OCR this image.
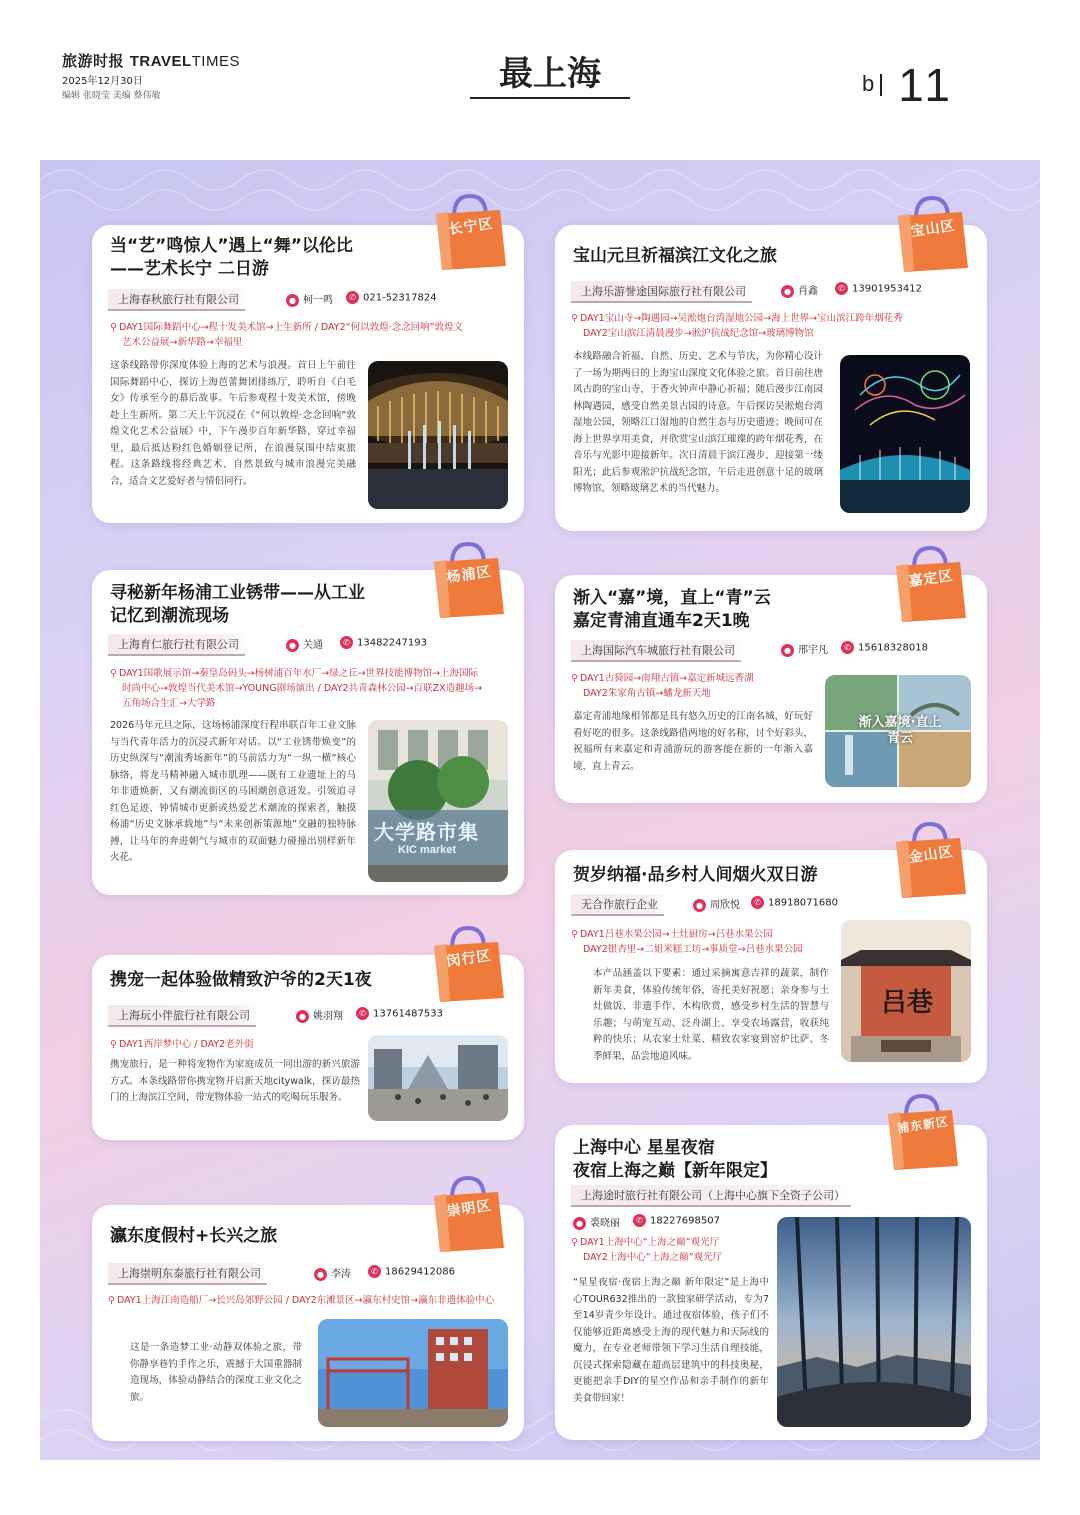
旅游时报 TRAVELTIMES
2025年12月30日
编辑 张晓莹 美编 蔡伟敏
最上海	b 11
当“艺”鸣惊人”遇上“舞”以伦比
——艺术长宁 二日游
上海春秋旅行社有限公司	● 柯一鸣	✆ 021-52317824
⚲ DAY1国际舞蹈中心→程十发美术馆→上生新所 / DAY2“何以敦煌·念念回响”敦煌文
艺术公益展→新华路→幸福里
这条线路带你深度体验上海的艺术与浪漫。首日上午前往国际舞蹈中心，探访上海芭蕾舞团排练厅，聆听自《白毛女》传承至今的幕后故事。午后参观程十发美术馆，傍晚赴上生新所。第二天上午沉浸在《“何以敦煌·念念回响”敦煌文化艺术公益展》中，下午漫步百年新华路，穿过幸福里，最后抵达粉红色婚姻登记所，在浪漫氛围中结束旅程。这条路线将经典艺术、自然景致与城市浪漫完美融合，适合文艺爱好者与情侣同行。
长宁区
宝山元旦祈福滨江文化之旅
上海乐游誉途国际旅行社有限公司	● 肖鑫	✆ 13901953412
⚲ DAY1宝山寺→陶遇园→吴淞炮台湾湿地公园→海上世界→宝山滨江跨年烟花秀
DAY2宝山滨江清晨漫步→淞沪抗战纪念馆→玻璃博物馆
本线路融合祈福、自然、历史、艺术与节庆，为你精心设计了一场为期两日的上海宝山深度文化体验之旅。首日前往唐风古韵的宝山寺，于香火钟声中静心祈福；随后漫步江南园林陶遇园，感受自然美景古园的诗意。午后探访吴淞炮台湾湿地公园，领略江口湿地的自然生态与历史遗迹；晚间可在海上世界享用美食，并欣赏宝山滨江璀璨的跨年烟花秀，在音乐与光影中迎接新年。次日清晨于滨江漫步，迎接第一缕阳光；此后参观淞沪抗战纪念馆，午后走进创意十足的玻璃博物馆，领略玻璃艺术的当代魅力。
宝山区
寻秘新年杨浦工业锈带——从工业
记忆到潮流现场
上海育仁旅行社有限公司	● 关通	✆ 13482247193
⚲ DAY1国歌展示馆→秦皇岛码头→杨树浦百年水厂→绿之丘→世界技能博物馆→上海国际
时尚中心→敦煌当代美术馆→YOUNG剧场演出 / DAY2共青森林公园→百联ZX造趣场→
五角场合生汇→大学路
2026马年元旦之际，这场杨浦深度行程串联百年工业文脉与当代青年活力的沉浸式新年对话。以“工业锈带焕变”的历史纵深与“潮流秀场新年”的马前活力为“一纵一横”核心脉络，将龙马精神融入城市肌理——既有工业遗址上的马年非遗焕新，又有潮流街区的马困潮创意迸发。引领追寻红色足迹、钟情城市更新或热爱艺术潮流的探索者，触摸杨浦“历史文脉承载地”与“未来创新策源地”交融的独特脉搏，让马年的奔进朝气与城市的双面魅力碰撞出别样新年火花。
大学路市集
KIC market
杨浦区
渐入“嘉”境，直上“青”云
嘉定青浦直通车2天1晚
上海国际汽车城旅行社有限公司	● 邢宇凡	✆ 15618328018
⚲ DAY1古猗园→南翔古镇→嘉定新城远香湖
DAY2朱家角古镇→蟠龙新天地
嘉定青浦地缘相邻都是具有悠久历史的江南名城，好玩好看好吃的很多。这条线路借两地的好名称，讨个好彩头，祝福所有来嘉定和青浦游玩的游客能在新的一年渐入嘉境，直上青云。
渐入嘉境·直上青云
嘉定区
贺岁纳福·品乡村人间烟火双日游
无合作旅行企业	● 周欣悦	✆ 18918071680
⚲ DAY1吕巷水果公园→土灶厨房→吕巷水果公园
DAY2银杏里→二姐米糕工坊→事质堂→吕巷水果公园
本产品涵盖以下要素：通过采摘寓意吉祥的蔬菜，制作新年美食，体验传统年俗，寄托美好祝愿；亲身参与土灶做饭、非遗手作、木构欣赏，感受乡村生活的智慧与乐趣；与萌宠互动、泛舟湖上、享受农场露营，收获纯粹的快乐；从农家土灶菜、精致农家宴到窑炉比萨、冬季鲜果，品尝地道风味。
吕巷
金山区
携宠一起体验做精致沪爷的2天1夜
上海玩小伴旅行社有限公司	● 姚羽翔	✆ 13761487533
⚲ DAY1西岸梦中心 / DAY2老外街
携宠旅行，是一种将宠物作为家庭成员一同出游的新兴旅游方式。本条线路带你携宠物开启新天地citywalk，探访最热门的上海滨江空间，带宠物体验一站式的吃喝玩乐服务。
闵行区
上海中心 星星夜宿
夜宿上海之巅【新年限定】
上海途时旅行社有限公司（上海中心旗下全资子公司）
● 裘晓丽	✆ 18227698507
⚲ DAY1上海中心“上海之巅”观光厅
DAY2上海中心“上海之巅”观光厅
“星星夜宿·夜宿上海之巅 新年限定”是上海中心TOUR632推出的一款独家研学活动，专为7至14岁青少年设计。通过夜宿体验，孩子们不仅能够近距离感受上海的现代魅力和天际线的魔力，在专业老师带领下学习生活自理技能，沉浸式探索隐藏在超高层建筑中的科技奥秘，更能把亲手DIY的星空作品和亲手制作的新年美食带回家！
浦东新区
瀛东度假村+长兴之旅
上海崇明东泰旅行社有限公司	● 李涛	✆ 18629412086
⚲ DAY1上海江南造船厂→长兴岛郊野公园 / DAY2东滩景区→瀛东村史馆→瀛东非遗体验中心
这是一条造梦工业·动静双体验之旅，带你静享巷钓手作之乐，震撼于大国重器制造现场，体验动静结合的深度工业文化之旅。
崇明区
